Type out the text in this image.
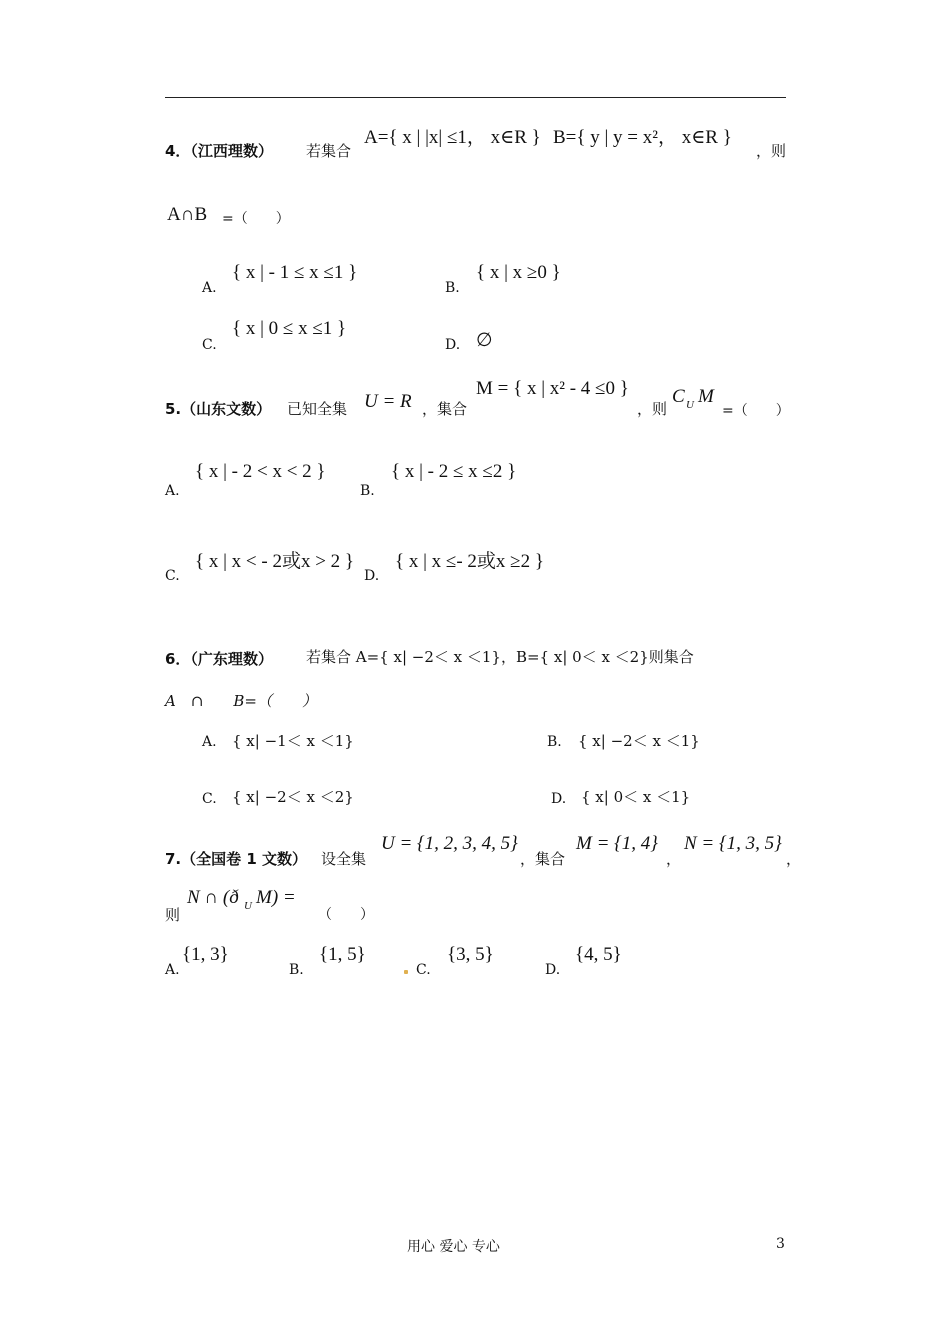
4．（江西理数） 若集合
A={ x | |x| ≤1， x∈R } B={ y | y = x²， x∈R }
，则
A∩B =（　　）
A.
{ x | - 1 ≤ x ≤1 }
B.
{ x | x ≥0 }
C.
{ x | 0 ≤ x ≤1 }
D. ∅
5.（山东文数） 已知全集 U = R ，集合
M = { x | x² - 4 ≤0 }
，则
C U M
=（　　）
A.
{ x | - 2 < x < 2 }
B.
{ x | - 2 ≤ x ≤2 }
C.
{ x | x < - 2或x > 2 }
D.
{ x | x ≤- 2或x ≥2 }
6．（广东理数） 若集合 A={ x| −2＜ x ＜1}，B={ x| 0＜ x ＜2}则集合
A　∩　　B=（　　）
A. { x| −1＜ x ＜1}	B. { x| −2＜ x ＜1}
C. { x| −2＜ x ＜2}	D. { x| 0＜ x ＜1}
7.（全国卷 1 文数） 设全集
U = {1, 2, 3, 4, 5}
，集合
M = {1, 4}
，
N = {1, 3, 5}
，
则
N ∩ (ð U M) =
（　　）
A.
{1, 3}
B.
{1, 5}
C.
{3, 5}
D.
{4, 5}
用心 爱心 专心	3
